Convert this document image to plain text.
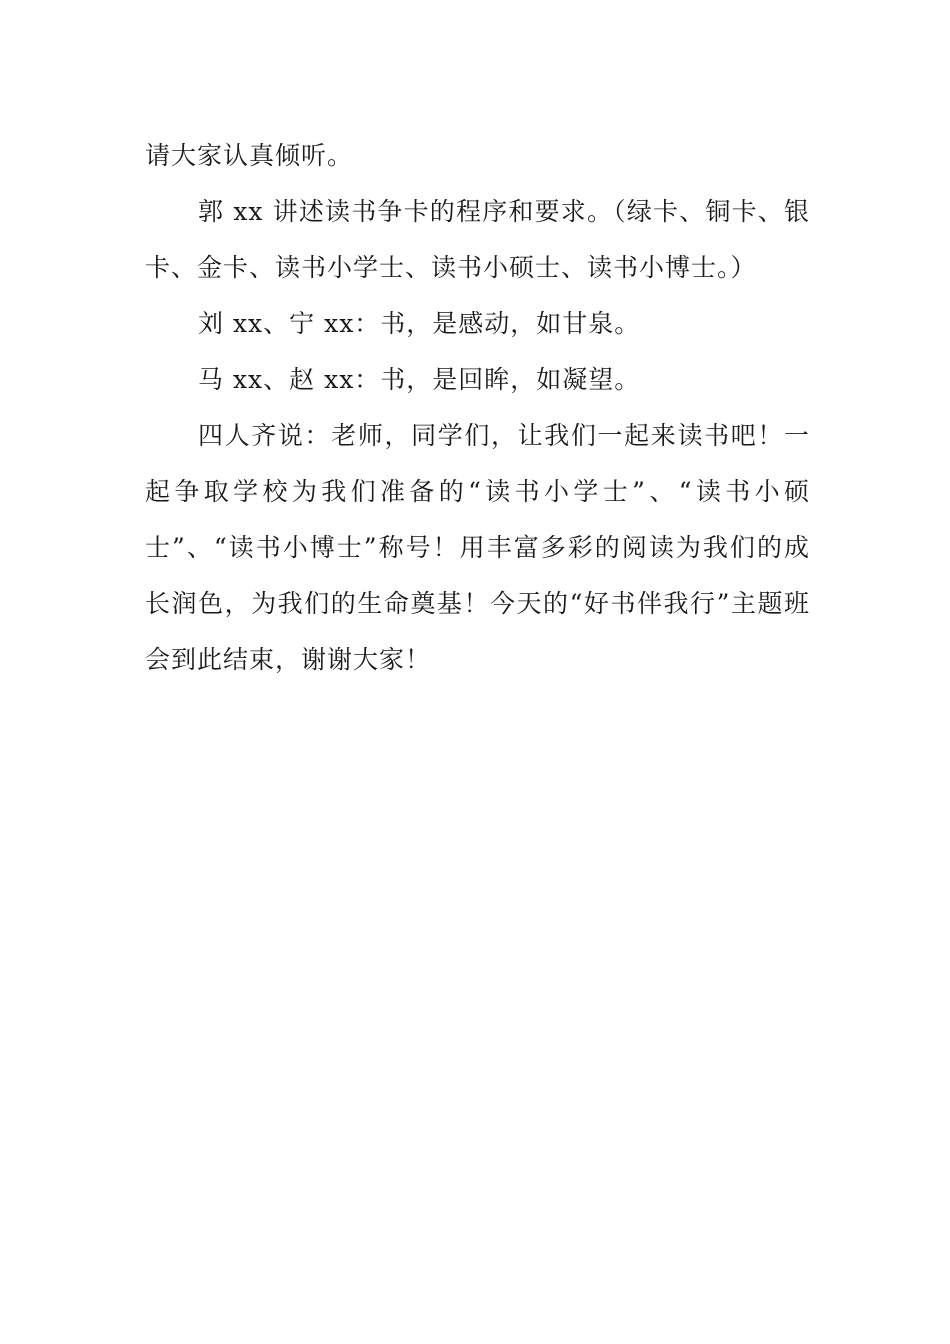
请大家认真倾听。

郭 xx 讲述读书争卡的程序和要求。（绿卡、铜卡、银卡、金卡、读书小学士、读书小硕士、读书小博士。）

刘 xx、宁 xx：书，是感动，如甘泉。

马 xx、赵 xx：书，是回眸，如凝望。

四人齐说：老师，同学们，让我们一起来读书吧！一起争取学校为我们准备的“读书小学士”、“读书小硕士”、“读书小博士”称号！用丰富多彩的阅读为我们的成长润色，为我们的生命奠基！今天的“好书伴我行”主题班会到此结束，谢谢大家！
